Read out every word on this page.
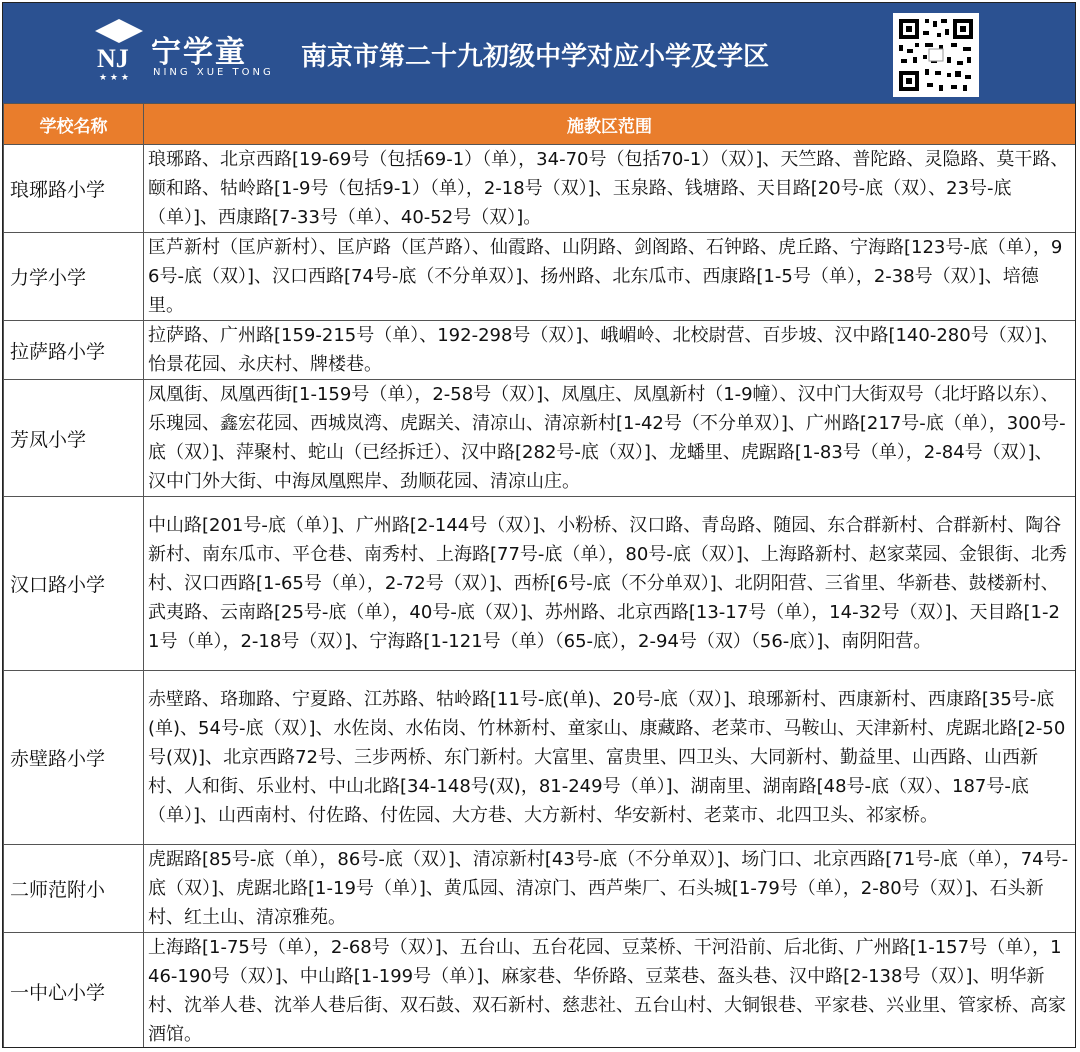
NJ
★ ★ ★
宁学童
NING XUE TONG
南京市第二十九初级中学对应小学及学区
学校名称	施教区范围
琅琊路小学	琅琊路、北京西路[19-69号（包括69-1）（单），34-70号（包括70-1）（双）]、天竺路、普陀路、灵隐路、莫干路、颐和路、牯岭路[1-9号（包括9-1）（单），2-18号（双）]、玉泉路、钱塘路、天目路[20号-底（双）、23号-底（单）]、西康路[7-33号（单）、40-52号（双）]。
力学小学	匡芦新村（匡庐新村）、匡庐路（匡芦路）、仙霞路、山阴路、剑阁路、石钟路、虎丘路、宁海路[123号-底（单），96号-底（双）]、汉口西路[74号-底（不分单双）]、扬州路、北东瓜市、西康路[1-5号（单），2-38号（双）]、培德里。
拉萨路小学	拉萨路、广州路[159-215号（单）、192-298号（双）]、峨嵋岭、北校尉营、百步坡、汉中路[140-280号（双）]、怡景花园、永庆村、牌楼巷。
芳凤小学	凤凰街、凤凰西街[1-159号（单），2-58号（双）]、凤凰庄、凤凰新村（1-9幢）、汉中门大街双号（北圩路以东）、乐瑰园、鑫宏花园、西城岚湾、虎踞关、清凉山、清凉新村[1-42号（不分单双）]、广州路[217号-底（单），300号-底（双）]、萍聚村、蛇山（已经拆迁）、汉中路[282号-底（双）]、龙蟠里、虎踞路[1-83号（单），2-84号（双）]、汉中门外大街、中海凤凰熙岸、劲顺花园、清凉山庄。
汉口路小学	中山路[201号-底（单）]、广州路[2-144号（双）]、小粉桥、汉口路、青岛路、随园、东合群新村、合群新村、陶谷新村、南东瓜市、平仓巷、南秀村、上海路[77号-底（单），80号-底（双）]、上海路新村、赵家菜园、金银街、北秀村、汉口西路[1-65号（单），2-72号（双）]、西桥[6号-底（不分单双）]、北阴阳营、三省里、华新巷、鼓楼新村、武夷路、云南路[25号-底（单），40号-底（双）]、苏州路、北京西路[13-17号（单），14-32号（双）]、天目路[1-21号（单），2-18号（双）]、宁海路[1-121号（单）（65-底），2-94号（双）（56-底）]、南阴阳营。
赤壁路小学	赤壁路、珞珈路、宁夏路、江苏路、牯岭路[11号-底(单)、20号-底（双）]、琅琊新村、西康新村、西康路[35号-底(单)、54号-底（双）]、水佐岗、水佑岗、竹林新村、童家山、康藏路、老菜市、马鞍山、天津新村、虎踞北路[2-50号(双)]、北京西路72号、三步两桥、东门新村。大富里、富贵里、四卫头、大同新村、勤益里、山西路、山西新村、人和街、乐业村、中山北路[34-148号(双)，81-249号（单）]、湖南里、湖南路[48号-底（双）、187号-底（单）]、山西南村、付佐路、付佐园、大方巷、大方新村、华安新村、老菜市、北四卫头、祁家桥。
二师范附小	虎踞路[85号-底（单），86号-底（双）]、清凉新村[43号-底（不分单双）]、场门口、北京西路[71号-底（单），74号-底（双）]、虎踞北路[1-19号（单）]、黄瓜园、清凉门、西芦柴厂、石头城[1-79号（单），2-80号（双）]、石头新村、红土山、清凉雅苑。
一中心小学	上海路[1-75号（单），2-68号（双）]、五台山、五台花园、豆菜桥、干河沿前、后北街、广州路[1-157号（单），146-190号（双）]、中山路[1-199号（单）]、麻家巷、华侨路、豆菜巷、盔头巷、汉中路[2-138号（双）]、明华新村、沈举人巷、沈举人巷后街、双石鼓、双石新村、慈悲社、五台山村、大铜银巷、平家巷、兴业里、管家桥、高家酒馆。
